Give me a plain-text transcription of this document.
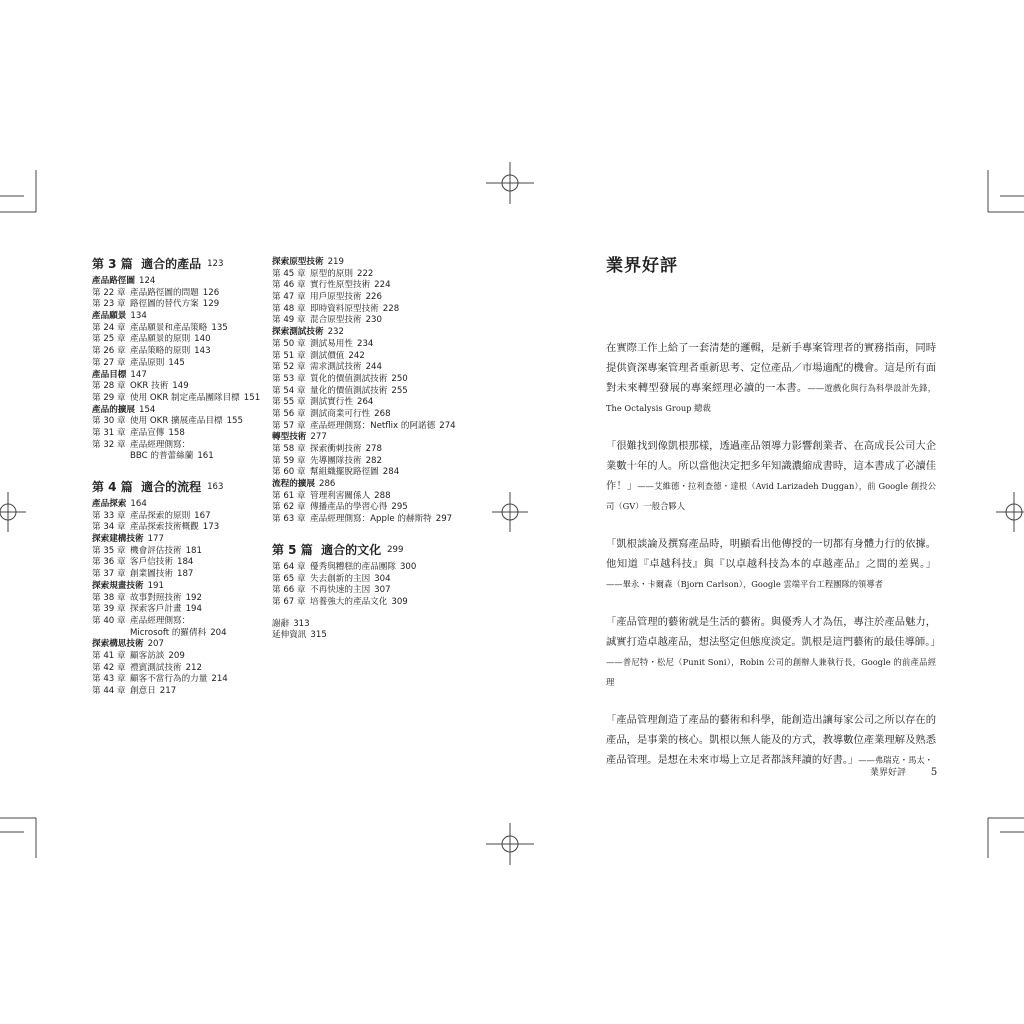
第 3 篇
適合的產品 123
產品路徑圖 124
第 22 章 產品路徑圖的問題 126
第 23 章 路徑圖的替代方案 129
產品願景 134
第 24 章 產品願景和產品策略 135
第 25 章 產品願景的原則 140
第 26 章 產品策略的原則 143
第 27 章 產品原則 145
產品目標 147
第 28 章 OKR 技術 149
第 29 章 使用 OKR 制定產品團隊目標 151
產品的擴展 154
第 30 章 使用 OKR 擴展產品目標 155
第 31 章 產品宣傳 158
第 32 章 產品經理側寫：
BBC 的普蕾絲蘭 161
第 4 篇
適合的流程 163
產品探索 164
第 33 章 產品探索的原則 167
第 34 章 產品探索技術概觀 173
探索建構技術 177
第 35 章 機會評估技術 181
第 36 章 客戶信技術 184
第 37 章 創業圖技術 187
探索規畫技術 191
第 38 章 故事對照技術 192
第 39 章 探索客戶計畫 194
第 40 章 產品經理側寫：
Microsoft 的羅倩科 204
探索構思技術 207
第 41 章 顧客訪談 209
第 42 章 禮賓測試技術 212
第 43 章 顧客不當行為的力量 214
第 44 章 創意日 217
探索原型技術 219
第 45 章 原型的原則 222
第 46 章 實行性原型技術 224
第 47 章 用戶原型技術 226
第 48 章 即時資料原型技術 228
第 49 章 混合原型技術 230
探索測試技術 232
第 50 章 測試易用性 234
第 51 章 測試價值 242
第 52 章 需求測試技術 244
第 53 章 質化的價值測試技術 250
第 54 章 量化的價值測試技術 255
第 55 章 測試實行性 264
第 56 章 測試商業可行性 268
第 57 章 產品經理側寫：Netflix 的阿諾德 274
轉型技術 277
第 58 章 探索衝刺技術 278
第 59 章 先導團隊技術 282
第 60 章 幫組織擺脫路徑圖 284
流程的擴展 286
第 61 章 管理利害關係人 288
第 62 章 傳播產品的學習心得 295
第 63 章 產品經理側寫：Apple 的赫斯特 297
第 5 篇
適合的文化 299
第 64 章 優秀與糟糕的產品團隊 300
第 65 章 失去創新的主因 304
第 66 章 不再快速的主因 307
第 67 章 培養強大的產品文化 309
謝辭 313
延伸資訊 315
業界好評

在實際工作上給了一套清楚的邏輯，是新手專案管理者的實務指南，同時提供資深專案管理者重新思考、定位產品／市場適配的機會。這是所有面對未來轉型發展的專案經理必讀的一本書。——遊戲化與行為科學設計先鋒，The Octalysis Group 總裁

「很難找到像凱根那樣，透過產品領導力影響創業者、在高成長公司大企業數十年的人。所以當他決定把多年知識濃縮成書時，這本書成了必讀佳作！」——艾維德・拉利查德・達根（Avid Larizadeh Duggan），前 Google 創投公司（GV）一般合夥人

「凱根談論及撰寫產品時，明顯看出他傳授的一切都有身體力行的依據。他知道『卓越科技』與『以卓越科技為本的卓越產品』之間的差異。」——畢永・卡爾森（Bjorn Carlson），Google 雲端平台工程團隊的領導者

「產品管理的藝術就是生活的藝術。與優秀人才為伍，專注於產品魅力，誠實打造卓越產品，想法堅定但態度淡定。凱根是這門藝術的最佳導師。」——普尼特・松尼（Punit Soni），Robin 公司的創辦人兼執行長，Google 的前產品經理

「產品管理創造了產品的藝術和科學，能創造出讓每家公司之所以存在的產品，是事業的核心。凱根以無人能及的方式，教導數位產業理解及熟悉產品管理。是想在未來市場上立足者都該拜讀的好書。」——弗瑞克・馬太・

業界好評 5
